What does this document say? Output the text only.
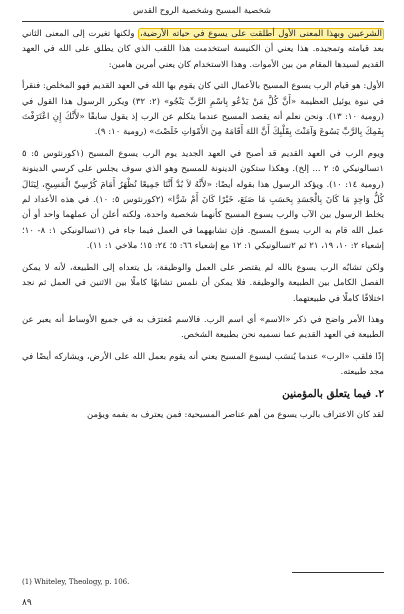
شخصية المسيح وشخصية الروح القدس

الشرعيين وبهذا المعنى الأول أطلقت على يسوع في حياته الأرضية، ولكنها تغيرت إلى المعنى الثاني بعد قيامته وتمجيده. هذا يعني أن الكنيسة استخدمت هذا اللقب الذي كان يطلق على الله في العهد القديم لسيدها المقام من بين الأموات. وهذا الاستخدام كان يعني أمرين هامين:

الأول: هو قيام الرب يسوع المسيح بالأعمال التي كان يقوم بها الله في العهد القديم فهو المخلص: فنقرأ في نبوة يوئيل العظيمة «أَنَّ كُلَّ مَنْ يَدْعُو بِاسْمِ الرَّبِّ يَنْجُو» (٢: ٣٢) ويكرر الرسول هذا القول في (رومية ١٠: ١٣). ونحن نعلم أنه يقصد المسيح عندما يتكلم عن الرب إذ يقول سابقًا «لأَنَّكَ إِنِ اعْتَرَفْتَ بِفَمِكَ بِالرَّبِّ يَسُوعَ وَآمَنْتَ بِقَلْبِكَ أَنَّ اللهَ أَقَامَهُ مِنَ الأَمْوَاتِ خَلَصْتَ» (رومية ١٠: ٩).

ويوم الرب في العهد القديم قد أصبح في العهد الجديد يوم الرب يسوع المسيح (١كورنثوس ٥: ٥ ١تسالونيكي ٥: ٢ ... إلخ). وهكذا ستكون الدينونة للمسيح وهو الذي سوف يجلس على كرسي الدينونة (رومية ١٤: ١٠). ويؤكد الرسول هذا بقوله أيضًا: «لأَنَّهُ لاَ بُدَّ أَنَّنَا جَمِيعًا نُظْهَرُ أَمَامَ كُرْسِيِّ الْمَسِيحِ، لِيَنَالَ كُلُّ وَاحِدٍ مَا كَانَ بِالْجَسَدِ بِحَسَبِ مَا صَنَعَ، خَيْرًا كَانَ أَمْ شَرًّا» (٢كورنثوس ٥: ١٠). في هذه الأعداد لم يخلط الرسول بين الآب والرب يسوع المسيح كأنهما شخصية واحدة، ولكنه أعلن أن عملهما واحد أو أن عمل الله قام به الرب يسوع المسيح. فإن تشابههما في العمل فيما جاء في (١تسالونيكي ١: ٨- ١٠؛ إشعياء ٢: ١٠، ١٩، ٢١ ثم ٢تسالونيكي ١: ١٢ مع إشعياء ٦٦: ٥؛ ٢٤: ١٥؛ ملاخي ١: ١١).

ولكن تشابُه الرب يسوع بالله لم يقتصر على العمل والوظيفة، بل يتعداه إلى الطبيعة، لأنه لا يمكن الفصل الكامل بين الطبيعة والوظيفة. فلا يمكن أن نلمس تشابهًا كاملًا بين الاثنين في العمل ثم نجد اختلافًا كاملًا في طبيعتهما.

وهذا الأمر واضح في ذكر «الاسم» أي اسم الرب. فالاسم مُعترَف به في جميع الأوساط أنه يعبر عن الطبيعة في العهد القديم عما نسميه نحن بطبيعة الشخص.

إذًا فلقب «الرب» عندما يُنسَب ليسوع المسيح يعني أنه يقوم بعمل الله على الأرض، ويشاركه أيضًا في مجد طبيعته.

٢. فيما يتعلق بالمؤمنين

لقد كان الاعتراف بالرب يسوع من أهم عناصر المسيحية: فمن يعترف به بفمه ويؤمن

(1) Whiteley, Theology, p. 106.
٨٩
